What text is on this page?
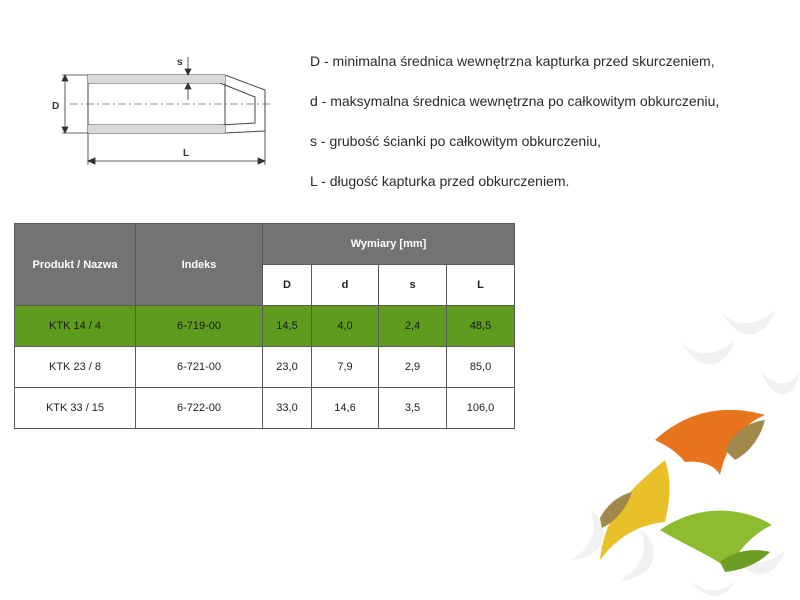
s
D
L
D - minimalna średnica wewnętrzna kapturka przed skurczeniem,
d - maksymalna średnica wewnętrzna po całkowitym obkurczeniu,
s - grubość ścianki po całkowitym obkurczeniu,
L - długość kapturka przed obkurczeniem.
Produkt / Nazwa	Indeks	Wymiary [mm]			
		D	d	s	L
KTK 14 / 4	6-719-00	14,5	4,0	2,4	48,5
KTK 23 / 8	6-721-00	23,0	7,9	2,9	85,0
KTK 33 / 15	6-722-00	33,0	14,6	3,5	106,0
